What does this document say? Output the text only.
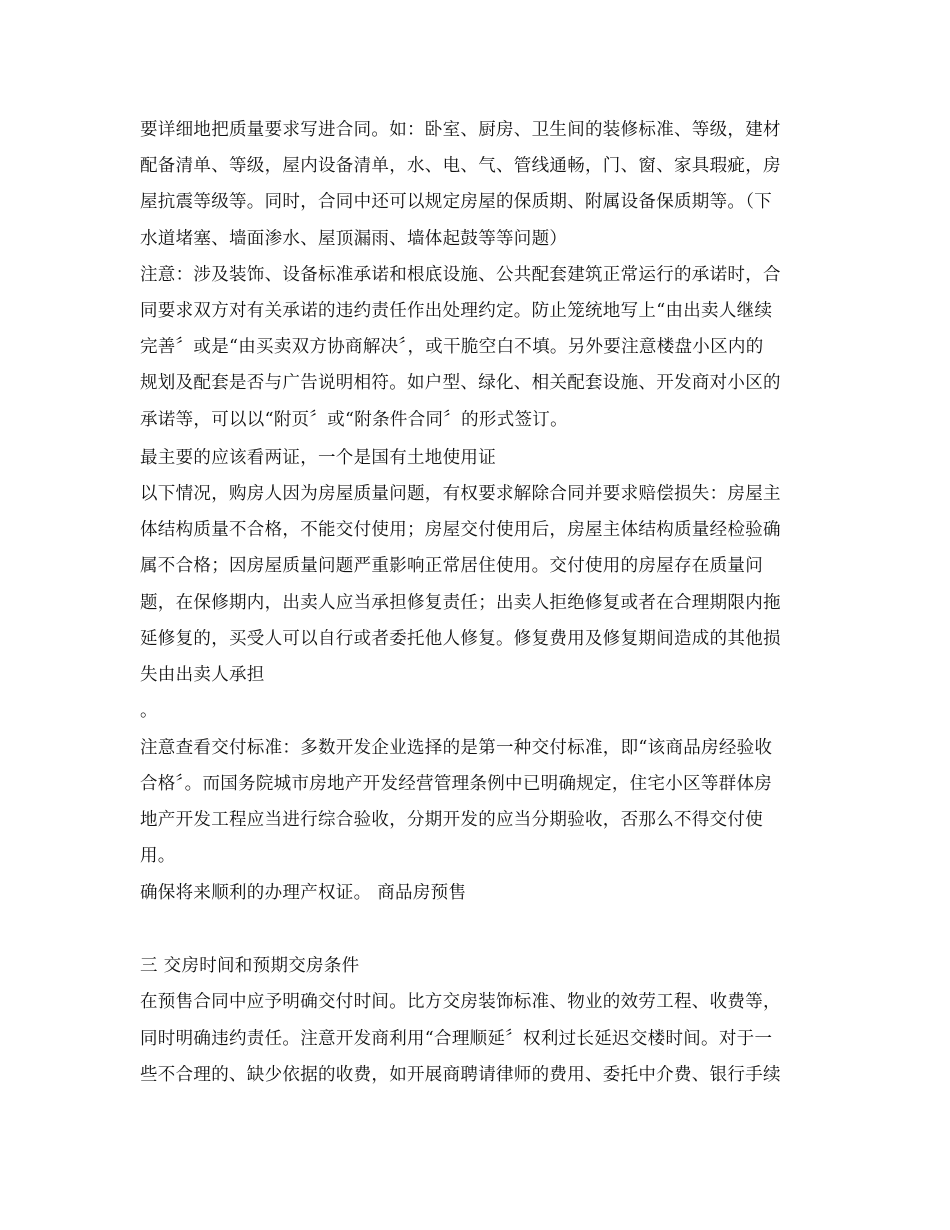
要详细地把质量要求写进合同。如：卧室、厨房、卫生间的装修标准、等级，建材
配备清单、等级，屋内设备清单，水、电、气、管线通畅，门、窗、家具瑕疵，房
屋抗震等级等。同时，合同中还可以规定房屋的保质期、附属设备保质期等。（下
水道堵塞、墙面渗水、屋顶漏雨、墙体起鼓等等问题）
注意：涉及装饰、设备标准承诺和根底设施、公共配套建筑正常运行的承诺时，合
同要求双方对有关承诺的违约责任作出处理约定。防止笼统地写上“由出卖人继续
完善〞或是“由买卖双方协商解决〞，或干脆空白不填。另外要注意楼盘小区内的
规划及配套是否与广告说明相符。如户型、绿化、相关配套设施、开发商对小区的
承诺等，可以以“附页〞或“附条件合同〞的形式签订。
最主要的应该看两证，一个是国有土地使用证
以下情况，购房人因为房屋质量问题，有权要求解除合同并要求赔偿损失：房屋主
体结构质量不合格，不能交付使用；房屋交付使用后，房屋主体结构质量经检验确
属不合格；因房屋质量问题严重影响正常居住使用。交付使用的房屋存在质量问
题，在保修期内，出卖人应当承担修复责任；出卖人拒绝修复或者在合理期限内拖
延修复的，买受人可以自行或者委托他人修复。修复费用及修复期间造成的其他损
失由出卖人承担
。
注意查看交付标准：多数开发企业选择的是第一种交付标准，即“该商品房经验收
合格〞。而国务院城市房地产开发经营管理条例中已明确规定，住宅小区等群体房
地产开发工程应当进行综合验收，分期开发的应当分期验收，否那么不得交付使
用。
确保将来顺利的办理产权证。 商品房预售
三 交房时间和预期交房条件
在预售合同中应予明确交付时间。比方交房装饰标准、物业的效劳工程、收费等，
同时明确违约责任。注意开发商利用“合理顺延〞权利过长延迟交楼时间。对于一
些不合理的、缺少依据的收费，如开展商聘请律师的费用、委托中介费、银行手续
